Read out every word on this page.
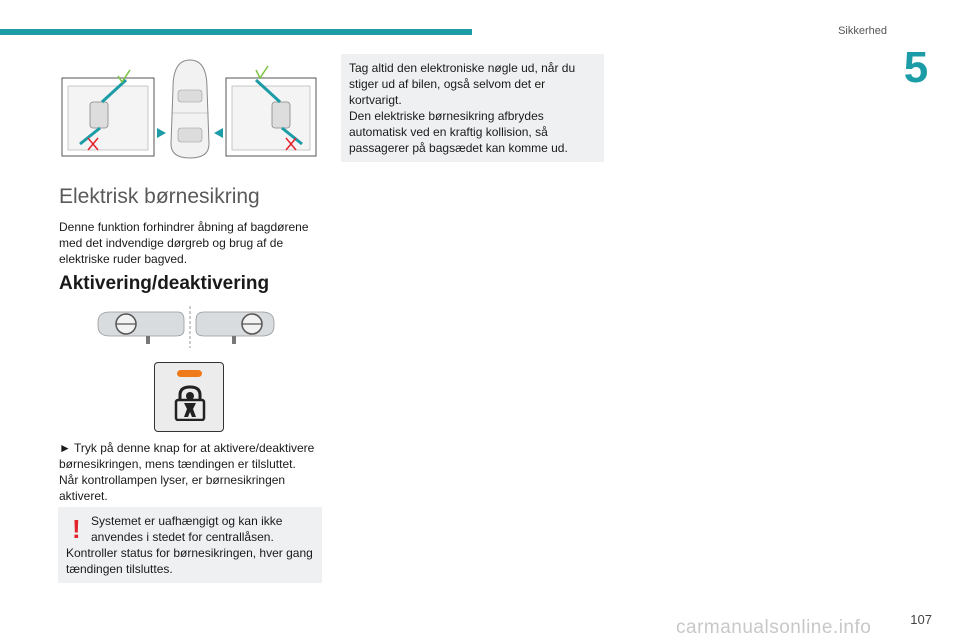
Sikkerhed
5
Elektrisk børnesikring

Denne funktion forhindrer åbning af bagdørene med det indvendige dørgreb og brug af de elektriske ruder bagved.

Aktivering/deaktivering

► Tryk på denne knap for at aktivere/deaktivere børnesikringen, mens tændingen er tilsluttet.

Når kontrollampen lyser, er børnesikringen aktiveret.

! Systemet er uafhængigt og kan ikke anvendes i stedet for centrallåsen.

Kontroller status for børnesikringen, hver gang tændingen tilsluttes.

Tag altid den elektroniske nøgle ud, når du stiger ud af bilen, også selvom det er kortvarigt.

Den elektriske børnesikring afbrydes automatisk ved en kraftig kollision, så passagerer på bagsædet kan komme ud.

107
carmanualsonline.info
